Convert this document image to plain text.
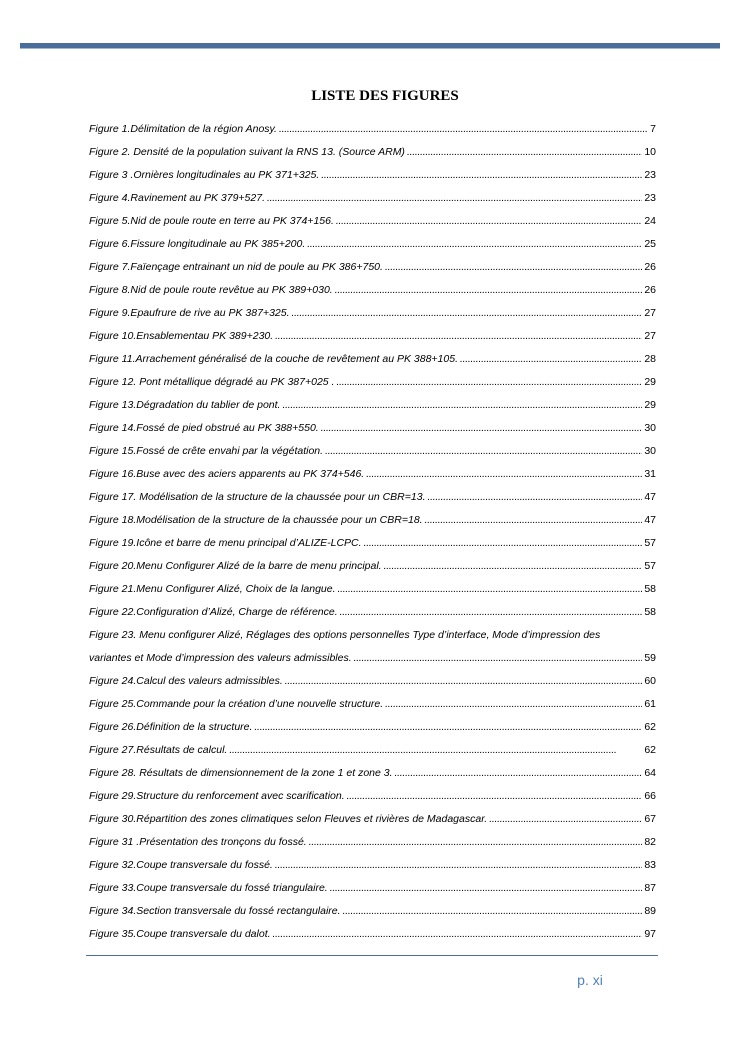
LISTE DES FIGURES
Figure 1.Délimitation de la région Anosy. . . .	7
Figure 2. Densité de la population suivant la RNS 13. (Source ARM) . . .	10
Figure 3 .Ornières longitudinales au PK 371+325. . . .	23
Figure 4.Ravinement au PK 379+527. . . .	23
Figure 5.Nid de poule route en terre au PK 374+156. . . .	24
Figure 6.Fissure longitudinale au PK 385+200. . . .	25
Figure 7.Faïençage entrainant un nid de poule au PK 386+750. . . .	26
Figure 8.Nid de poule route revêtue au PK 389+030. . . .	26
Figure 9.Epaufrure de rive au PK 387+325. . . .	27
Figure 10.Ensablementau PK 389+230. . . .	27
Figure 11.Arrachement généralisé de la couche de revêtement au PK 388+105. . . .	28
Figure 12. Pont métallique dégradé au PK 387+025 . . . .	29
Figure 13.Dégradation du tablier de pont. . . .	29
Figure 14.Fossé de pied obstrué au PK 388+550. . . .	30
Figure 15.Fossé de crête envahi par la végétation. . . .	30
Figure 16.Buse avec des aciers apparents au PK 374+546. . . .	31
Figure 17. Modélisation de la structure de la chaussée pour un CBR=13. . . .	47
Figure 18.Modélisation de la structure de la chaussée pour un CBR=18. . . .	47
Figure 19.Icône et barre de menu principal d’ALIZE-LCPC. . . .	57
Figure 20.Menu Configurer Alizé de la barre de menu principal. . . .	57
Figure 21.Menu Configurer Alizé, Choix de la langue. . . .	58
Figure 22.Configuration d’Alizé, Charge de référence. . . .	58
Figure 23. Menu configurer Alizé, Réglages des options personnelles Type d’interface, Mode d’impression des
variantes et Mode d’impression des valeurs admissibles. . . .	59
Figure 24.Calcul des valeurs admissibles. . . .	60
Figure 25.Commande pour la création d’une nouvelle structure. . . .	61
Figure 26.Définition de la structure. . . .	62
Figure 27.Résultats de calcul. . . .	62
Figure 28. Résultats de dimensionnement de la zone 1 et zone 3. . . .	64
Figure 29.Structure du renforcement avec scarification. . . .	66
Figure 30.Répartition des zones climatiques selon Fleuves et rivières de Madagascar. . . .	67
Figure 31 .Présentation des tronçons du fossé. . . .	82
Figure 32.Coupe transversale du fossé. . . .	83
Figure 33.Coupe transversale du fossé triangulaire. . . .	87
Figure 34.Section transversale du fossé rectangulaire. . . .	89
Figure 35.Coupe transversale du dalot. . . .	97
p. xi
